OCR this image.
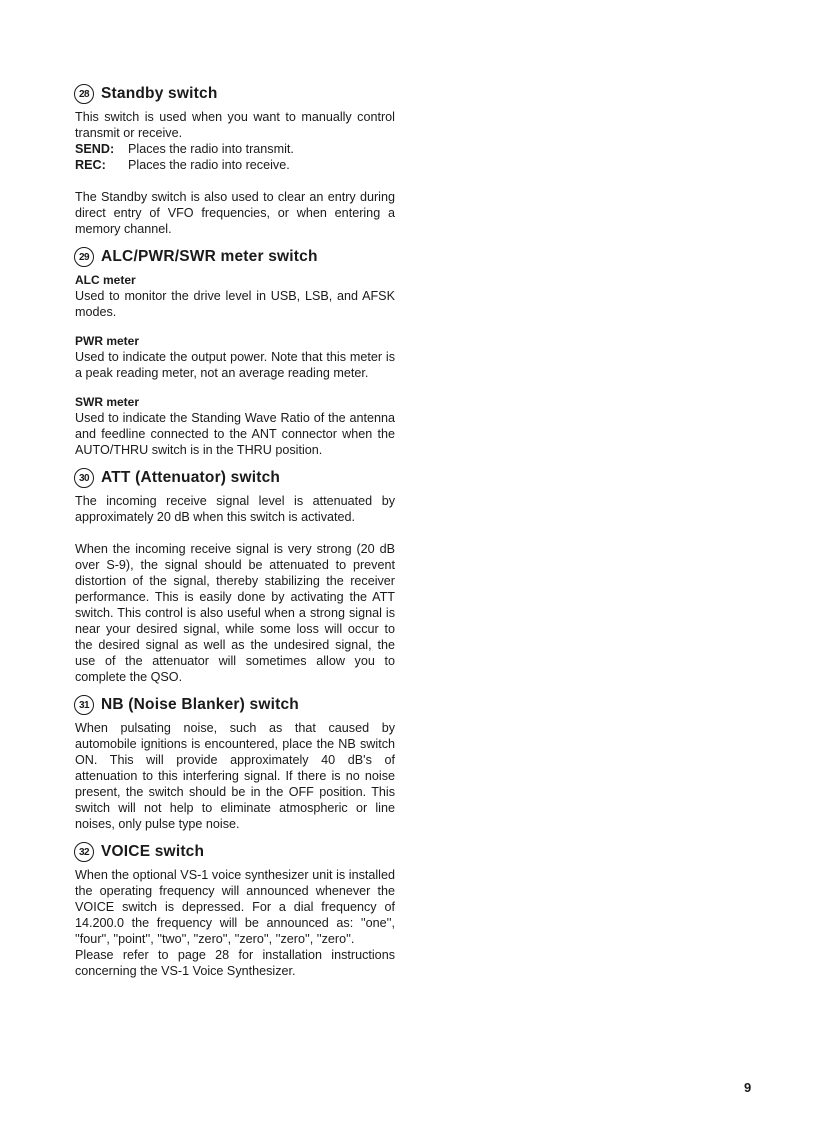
28 Standby switch

This switch is used when you want to manually control transmit or receive.

SEND:	Places the radio into transmit.
REC:	Places the radio into receive.

The Standby switch is also used to clear an entry during direct entry of VFO frequencies, or when entering a memory channel.

29 ALC/PWR/SWR meter switch
ALC meter

Used to monitor the drive level in USB, LSB, and AFSK modes.

PWR meter

Used to indicate the output power. Note that this meter is a peak reading meter, not an average reading meter.

SWR meter

Used to indicate the Standing Wave Ratio of the antenna and feedline connected to the ANT connector when the AUTO/THRU switch is in the THRU position.

30 ATT (Attenuator) switch

The incoming receive signal level is attenuated by approximately 20 dB when this switch is activated.

When the incoming receive signal is very strong (20 dB over S-9), the signal should be attenuated to prevent distortion of the signal, thereby stabilizing the receiver performance. This is easily done by activating the ATT switch. This control is also useful when a strong signal is near your desired signal, while some loss will occur to the desired signal as well as the undesired signal, the use of the attenuator will sometimes allow you to complete the QSO.

31 NB (Noise Blanker) switch

When pulsating noise, such as that caused by automobile ignitions is encountered, place the NB switch ON. This will provide approximately 40 dB's of attenuation to this interfering signal. If there is no noise present, the switch should be in the OFF position. This switch will not help to eliminate atmospheric or line noises, only pulse type noise.

32 VOICE switch

When the optional VS-1 voice synthesizer unit is installed the operating frequency will announced whenever the VOICE switch is depressed. For a dial frequency of 14.200.0 the frequency will be announced as: ''one'', ''four'', ''point'', ''two'', ''zero'', ''zero'', ''zero'', ''zero''.

Please refer to page 28 for installation instructions concerning the VS-1 Voice Synthesizer.

9
